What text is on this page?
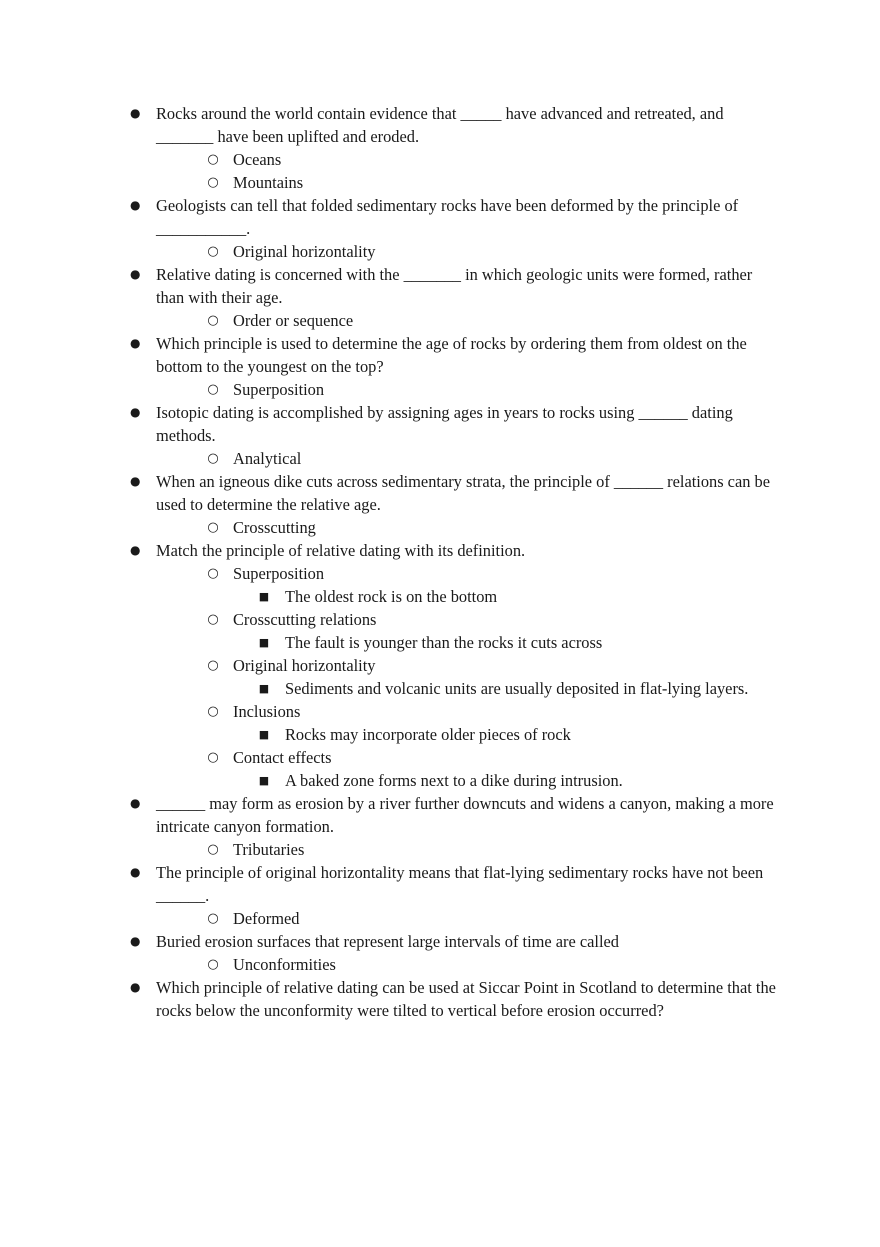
● Rocks around the world contain evidence that _____ have advanced and retreated, and _______ have been uplifted and eroded.
○ Oceans
○ Mountains
● Geologists can tell that folded sedimentary rocks have been deformed by the principle of ___________.
○ Original horizontality
● Relative dating is concerned with the _______ in which geologic units were formed, rather than with their age.
○ Order or sequence
● Which principle is used to determine the age of rocks by ordering them from oldest on the bottom to the youngest on the top?
○ Superposition
● Isotopic dating is accomplished by assigning ages in years to rocks using ______ dating methods.
○ Analytical
● When an igneous dike cuts across sedimentary strata, the principle of ______ relations can be used to determine the relative age.
○ Crosscutting
● Match the principle of relative dating with its definition.
○ Superposition
■ The oldest rock is on the bottom
○ Crosscutting relations
■ The fault is younger than the rocks it cuts across
○ Original horizontality
■ Sediments and volcanic units are usually deposited in flat-lying layers.
○ Inclusions
■ Rocks may incorporate older pieces of rock
○ Contact effects
■ A baked zone forms next to a dike during intrusion.
● ______ may form as erosion by a river further downcuts and widens a canyon, making a more intricate canyon formation.
○ Tributaries
● The principle of original horizontality means that flat-lying sedimentary rocks have not been ______.
○ Deformed
● Buried erosion surfaces that represent large intervals of time are called
○ Unconformities
● Which principle of relative dating can be used at Siccar Point in Scotland to determine that the rocks below the unconformity were tilted to vertical before erosion occurred?
